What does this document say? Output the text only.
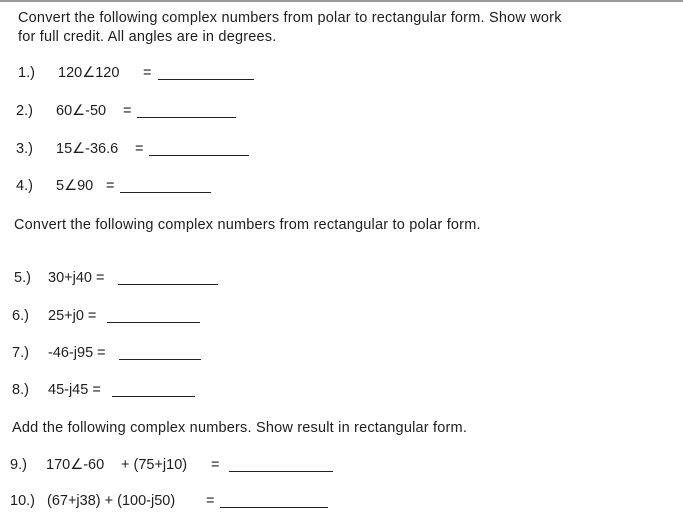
Convert the following complex numbers from polar to rectangular form. Show work
for full credit. All angles are in degrees.
1.) 120∠120 =
2.) 60∠-50 =
3.) 15∠-36.6 =
4.) 5∠90 =
Convert the following complex numbers from rectangular to polar form.
5.) 30+j40 =
6.) 25+j0 =
7.) -46-j95 =
8.) 45-j45 =
Add the following complex numbers. Show result in rectangular form.
9.) 170∠-60 + (75+j10) =
10.) (67+j38) + (100-j50) =
